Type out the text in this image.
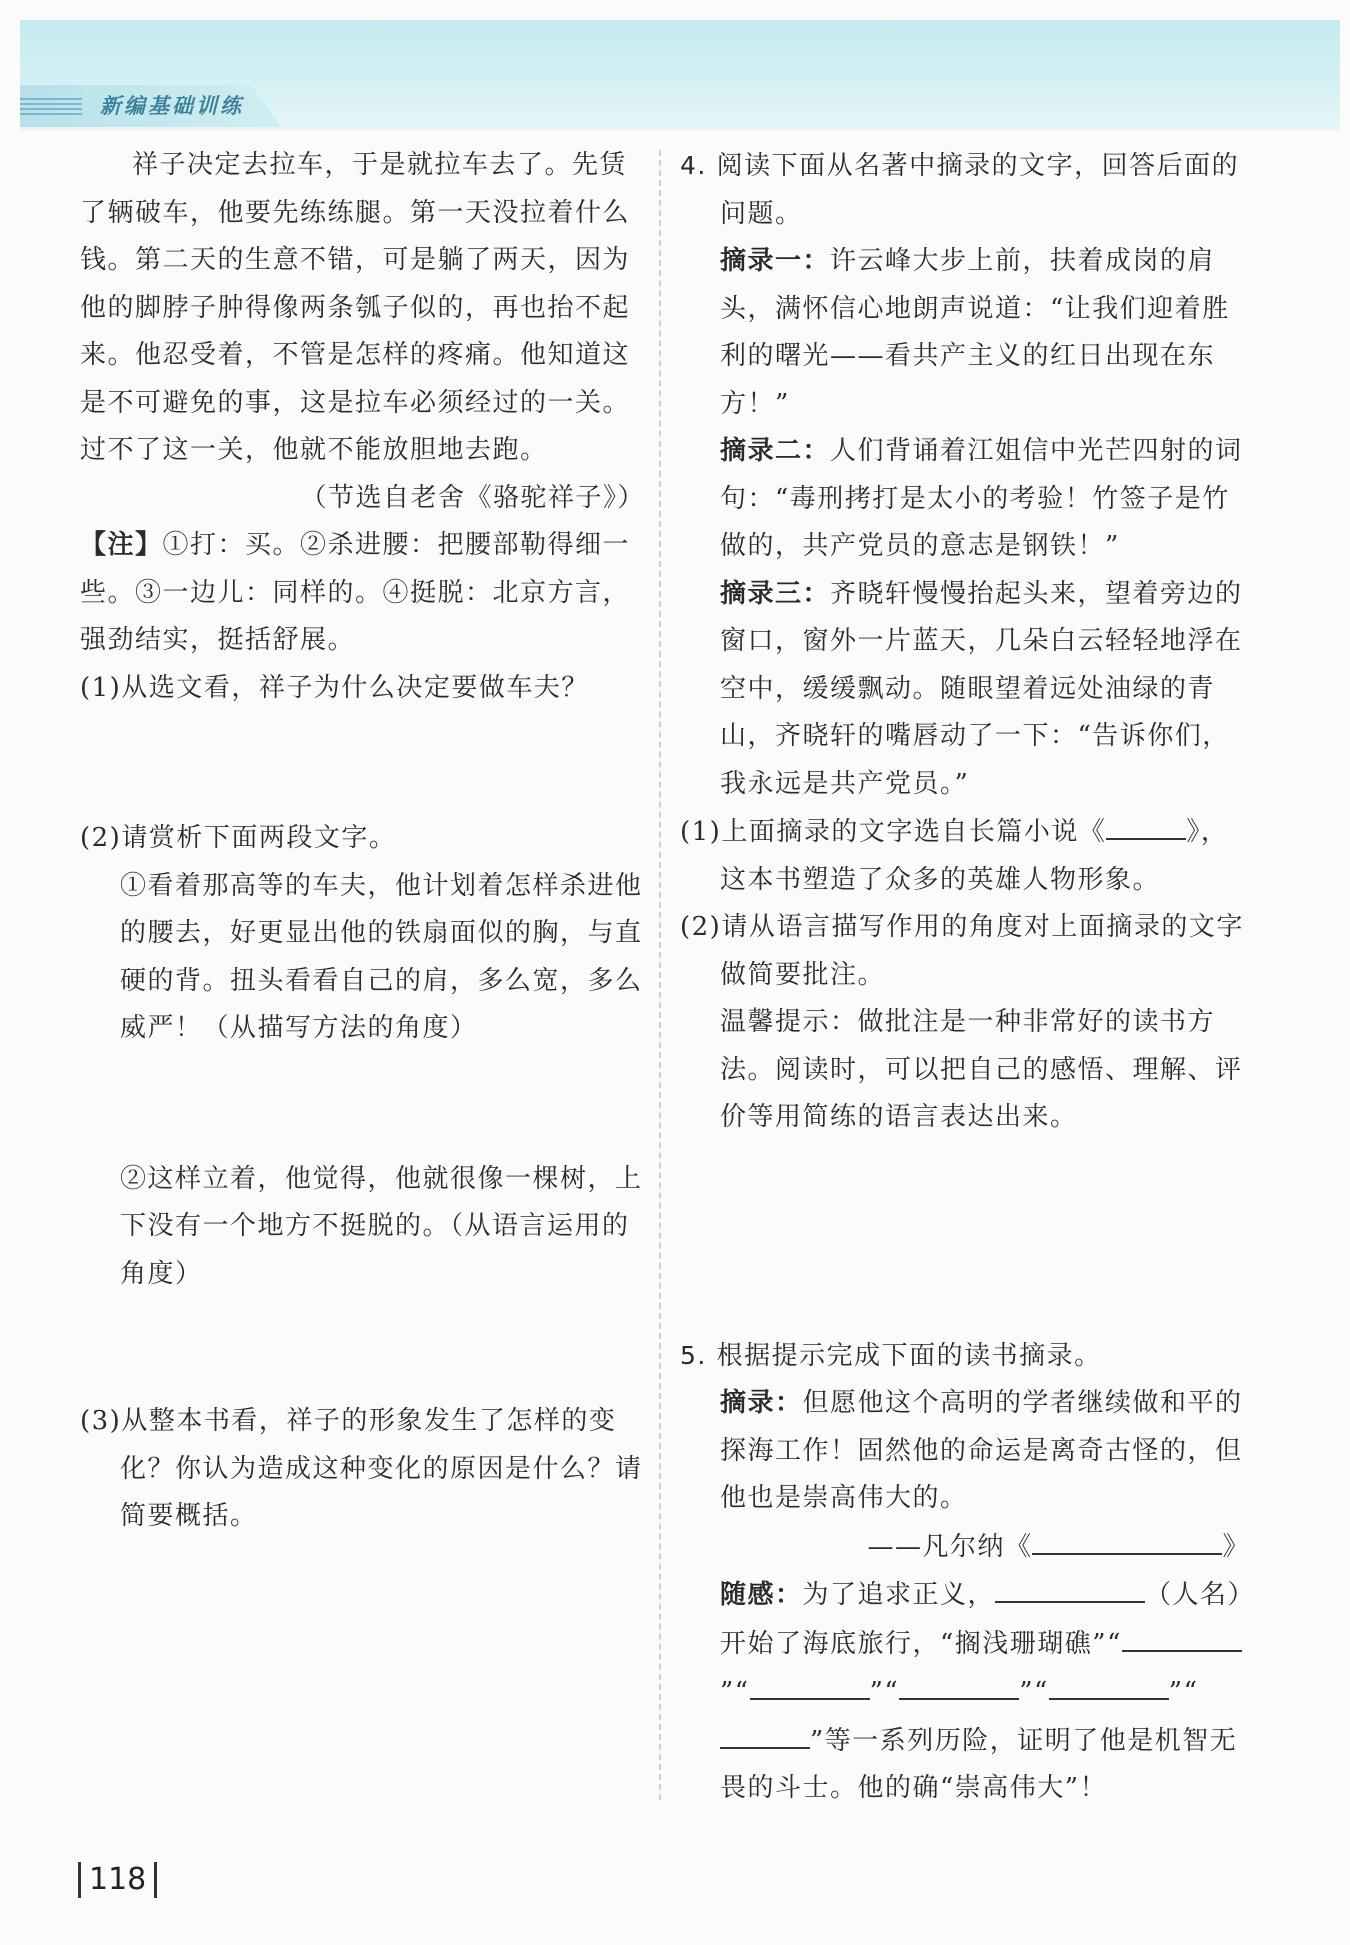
新编基础训练

祥子决定去拉车，于是就拉车去了。先赁了辆破车，他要先练练腿。第一天没拉着什么钱。第二天的生意不错，可是躺了两天，因为他的脚脖子肿得像两条瓠子似的，再也抬不起来。他忍受着，不管是怎样的疼痛。他知道这是不可避免的事，这是拉车必须经过的一关。过不了这一关，他就不能放胆地去跑。

（节选自老舍《骆驼祥子》）

【注】①打：买。②杀进腰：把腰部勒得细一些。③一边儿：同样的。④挺脱：北京方言，强劲结实，挺括舒展。

(1)从选文看，祥子为什么决定要做车夫？

(2)请赏析下面两段文字。

①看着那高等的车夫，他计划着怎样杀进他的腰去，好更显出他的铁扇面似的胸，与直硬的背。扭头看看自己的肩，多么宽，多么威严！（从描写方法的角度）

②这样立着，他觉得，他就很像一棵树，上下没有一个地方不挺脱的。（从语言运用的角度）

(3)从整本书看，祥子的形象发生了怎样的变化？你认为造成这种变化的原因是什么？请简要概括。

4. 阅读下面从名著中摘录的文字，回答后面的问题。

摘录一：许云峰大步上前，扶着成岗的肩头，满怀信心地朗声说道：“让我们迎着胜利的曙光——看共产主义的红日出现在东方！”

摘录二：人们背诵着江姐信中光芒四射的词句：“毒刑拷打是太小的考验！竹签子是竹做的，共产党员的意志是钢铁！”

摘录三：齐晓轩慢慢抬起头来，望着旁边的窗口，窗外一片蓝天，几朵白云轻轻地浮在空中，缓缓飘动。随眼望着远处油绿的青山，齐晓轩的嘴唇动了一下：“告诉你们，我永远是共产党员。”

(1)上面摘录的文字选自长篇小说《	》，这本书塑造了众多的英雄人物形象。

(2)请从语言描写作用的角度对上面摘录的文字做简要批注。

温馨提示：做批注是一种非常好的读书方法。阅读时，可以把自己的感悟、理解、评价等用简练的语言表达出来。

5. 根据提示完成下面的读书摘录。

摘录：但愿他这个高明的学者继续做和平的探海工作！固然他的命运是离奇古怪的，但他也是崇高伟大的。

——凡尔纳《	》

随感：为了追求正义，	（人名）开始了海底旅行，“搁浅珊瑚礁”“”“	”“	”“	”“”等一系列历险，证明了他是机智无畏的斗士。他的确“崇高伟大”！

118
